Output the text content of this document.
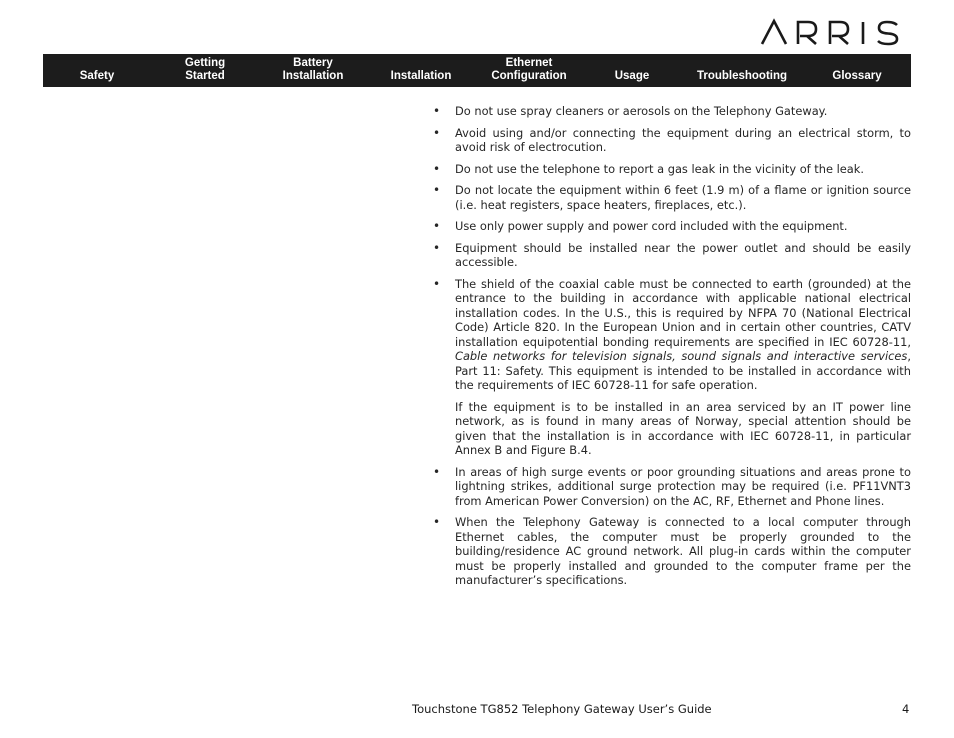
Safety
Getting
Started
Battery
Installation	Installation
Ethernet
Configuration	Usage	Troubleshooting	Glossary
• Do not use spray cleaners or aerosols on the Telephony Gateway.
• Avoid using and/or connecting the equipment during an electrical storm, to avoid risk of electrocution.
• Do not use the telephone to report a gas leak in the vicinity of the leak.
• Do not locate the equipment within 6 feet (1.9 m) of a flame or ignition source (i.e. heat registers, space heaters, fireplaces, etc.).
• Use only power supply and power cord included with the equipment.
• Equipment should be installed near the power outlet and should be easily accessible.
• The shield of the coaxial cable must be connected to earth (grounded) at the entrance to the building in accordance with applicable national electrical installation codes. In the U.S., this is required by NFPA 70 (National Electrical Code) Article 820. In the European Union and in certain other countries, CATV installation equipotential bonding requirements are specified in IEC 60728-11, Cable networks for television signals, sound signals and interactive services, Part 11: Safety. This equipment is intended to be installed in accordance with the requirements of IEC 60728-11 for safe operation.

If the equipment is to be installed in an area serviced by an IT power line network, as is found in many areas of Norway, special attention should be given that the installation is in accordance with IEC 60728-11, in particular Annex B and Figure B.4.

• In areas of high surge events or poor grounding situations and areas prone to lightning strikes, additional surge protection may be required (i.e. PF11VNT3 from American Power Conversion) on the AC, RF, Ethernet and Phone lines.
• When the Telephony Gateway is connected to a local computer through Ethernet cables, the computer must be properly grounded to the building/residence AC ground network. All plug-in cards within the computer must be properly installed and grounded to the computer frame per the manufacturer’s specifications.
Touchstone TG852 Telephony Gateway User’s Guide	4
